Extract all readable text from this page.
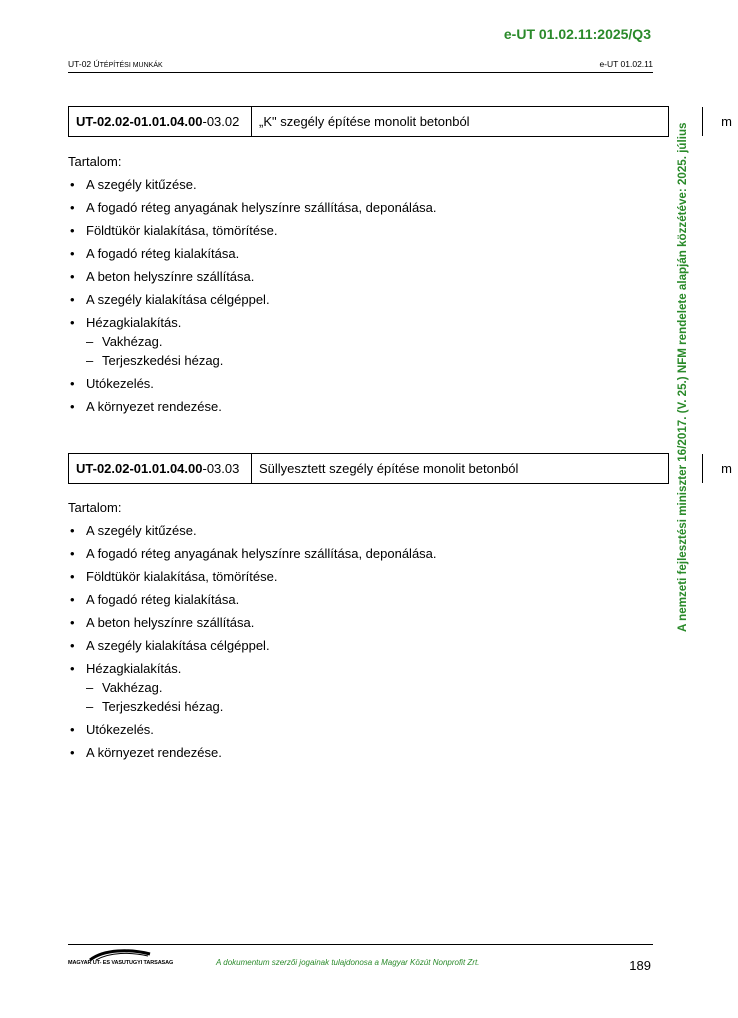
e-UT 01.02.11:2025/Q3
UT-02 ÚTÉPÍTÉSI MUNKÁK	e-UT 01.02.11
A nemzeti fejlesztési miniszter 16/2017. (V. 25.) NFM rendelete alapján közzétéve: 2025. július
UT-02.02-01.01.04.00 -03.02	„K" szegély építése monolit betonból	m

Tartalom:

• A szegély kitűzése.
• A fogadó réteg anyagának helyszínre szállítása, deponálása.
• Földtükör kialakítása, tömörítése.
• A fogadó réteg kialakítása.
• A beton helyszínre szállítása.
• A szegély kialakítása célgéppel.
• Hézagkialakítás.
– Vakhézag.
– Terjeszkedési hézag.
• Utókezelés.
• A környezet rendezése.
UT-02.02-01.01.04.00 -03.03	Süllyesztett szegély építése monolit betonból	m

Tartalom:

• A szegély kitűzése.
• A fogadó réteg anyagának helyszínre szállítása, deponálása.
• Földtükör kialakítása, tömörítése.
• A fogadó réteg kialakítása.
• A beton helyszínre szállítása.
• A szegély kialakítása célgéppel.
• Hézagkialakítás.
– Vakhézag.
– Terjeszkedési hézag.
• Utókezelés.
• A környezet rendezése.
MAGYAR UT- ES VASUTUGYI TARSASAG	A dokumentum szerzői jogainak tulajdonosa a Magyar Közút Nonprofit Zrt.	189
